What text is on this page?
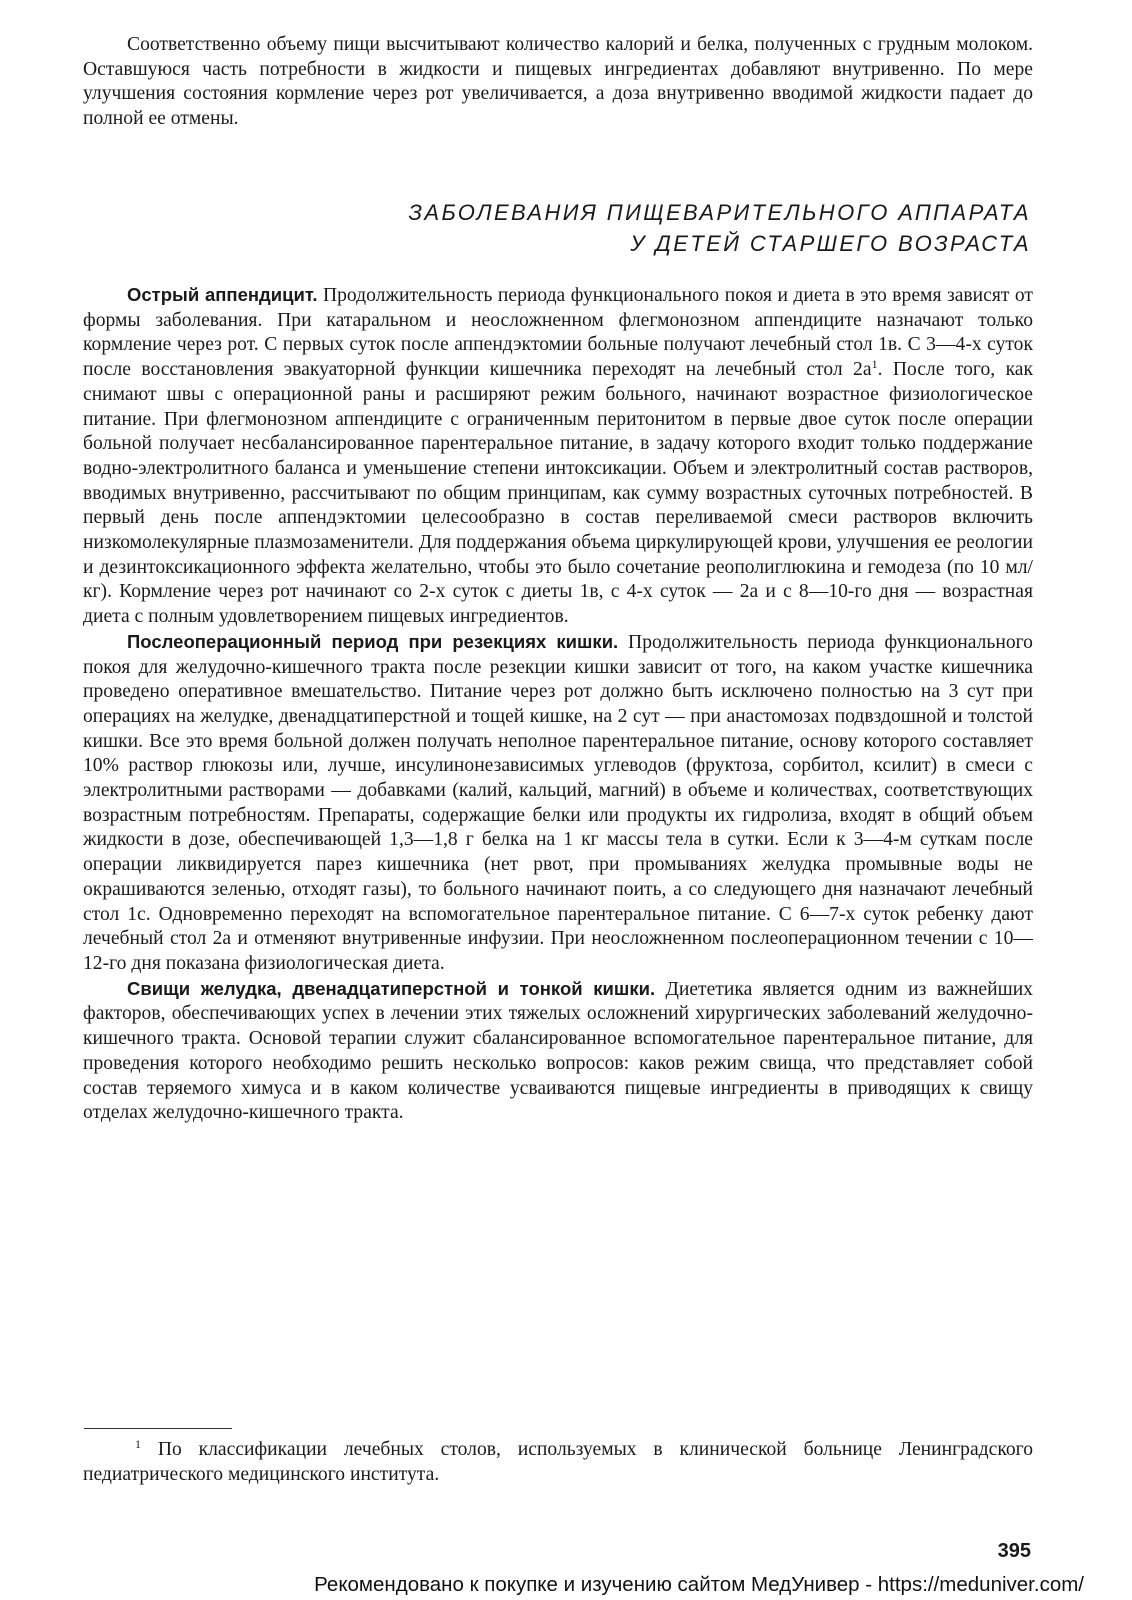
Соответственно объему пищи высчитывают количество калорий и белка, полученных с грудным молоком. Оставшуюся часть потребности в жидкости и пищевых ингредиентах добавляют внутривенно. По мере улучшения состояния кормление через рот увеличивается, а доза внутривенно вводимой жидкости падает до полной ее отмены.

ЗАБОЛЕВАНИЯ ПИЩЕВАРИТЕЛЬНОГО АППАРАТА
У ДЕТЕЙ СТАРШЕГО ВОЗРАСТА

Острый аппендицит. Продолжительность периода функционального покоя и диета в это время зависят от формы заболевания. При катаральном и неосложненном флегмонозном аппендиците назначают только кормление через рот. С первых суток после аппендэктомии больные получают лечебный стол 1в. С 3—4-х суток после восстановления эвакуаторной функции кишечника переходят на лечебный стол $2а^1$. После того, как снимают швы с операционной раны и расширяют режим больного, начинают возрастное физиологическое питание. При флегмонозном аппендиците с ограниченным перитонитом в первые двое суток после операции больной получает несбалансированное парентеральное питание, в задачу которого входит только поддержание водно-электролитного баланса и уменьшение степени интоксикации. Объем и электролитный состав растворов, вводимых внутривенно, рассчитывают по общим принципам, как сумму возрастных суточных потребностей. В первый день после аппендэктомии целесообразно в состав переливаемой смеси растворов включить низкомолекулярные плазмозаменители. Для поддержания объема циркулирующей крови, улучшения ее реологии и дезинтоксикационного эффекта желательно, чтобы это было сочетание реополиглюкина и гемодеза (по 10 мл/кг). Кормление через рот начинают со 2-х суток с диеты 1в, с 4-х суток — 2а и с 8—10-го дня — возрастная диета с полным удовлетворением пищевых ингредиентов.

Послеоперационный период при резекциях кишки. Продолжительность периода функционального покоя для желудочно-кишечного тракта после резекции кишки зависит от того, на каком участке кишечника проведено оперативное вмешательство. Питание через рот должно быть исключено полностью на 3 сут при операциях на желудке, двенадцатиперстной и тощей кишке, на 2 сут — при анастомозах подвздошной и толстой кишки. Все это время больной должен получать неполное парентеральное питание, основу которого составляет 10% раствор глюкозы или, лучше, инсулинонезависимых углеводов (фруктоза, сорбитол, ксилит) в смеси с электролитными растворами — добавками (калий, кальций, магний) в объеме и количествах, соответствующих возрастным потребностям. Препараты, содержащие белки или продукты их гидролиза, входят в общий объем жидкости в дозе, обеспечивающей 1,3—1,8 г белка на 1 кг массы тела в сутки. Если к 3—4-м суткам после операции ликвидируется парез кишечника (нет рвот, при промываниях желудка промывные воды не окрашиваются зеленью, отходят газы), то больного начинают поить, а со следующего дня назначают лечебный стол 1с. Одновременно переходят на вспомогательное парентеральное питание. С 6—7-х суток ребенку дают лечебный стол 2а и отменяют внутривенные инфузии. При неосложненном послеоперационном течении с 10—12-го дня показана физиологическая диета.

Свищи желудка, двенадцатиперстной и тонкой кишки. Диететика является одним из важнейших факторов, обеспечивающих успех в лечении этих тяжелых осложнений хирургических заболеваний желудочно-кишечного тракта. Основой терапии служит сбалансированное вспомогательное парентеральное питание, для проведения которого необходимо решить несколько вопросов: каков режим свища, что представляет собой состав теряемого химуса и в каком количестве усваиваются пищевые ингредиенты в приводящих к свищу отделах желудочно-кишечного тракта.

$^1$ По классификации лечебных столов, используемых в клинической больнице Ленинградского педиатрического медицинского института.

395
Рекомендовано к покупке и изучению сайтом МедУнивер - https://meduniver.com/
